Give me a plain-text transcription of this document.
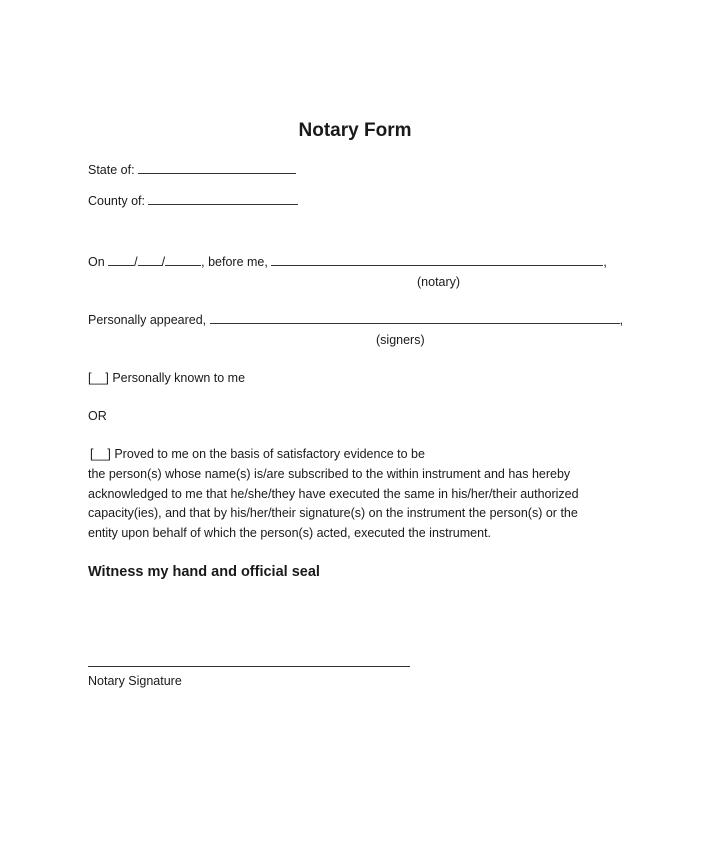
Notary Form
State of:
County of:
On / /	, before me,	,
(notary)
Personally appeared,	,
(signers)
[__] Personally known to me
OR
[__] Proved to me on the basis of satisfactory evidence to be
the person(s) whose name(s) is/are subscribed to the within instrument and has hereby
acknowledged to me that he/she/they have executed the same in his/her/their authorized
capacity(ies), and that by his/her/their signature(s) on the instrument the person(s) or the
entity upon behalf of which the person(s) acted, executed the instrument.
Witness my hand and official seal
Notary Signature
